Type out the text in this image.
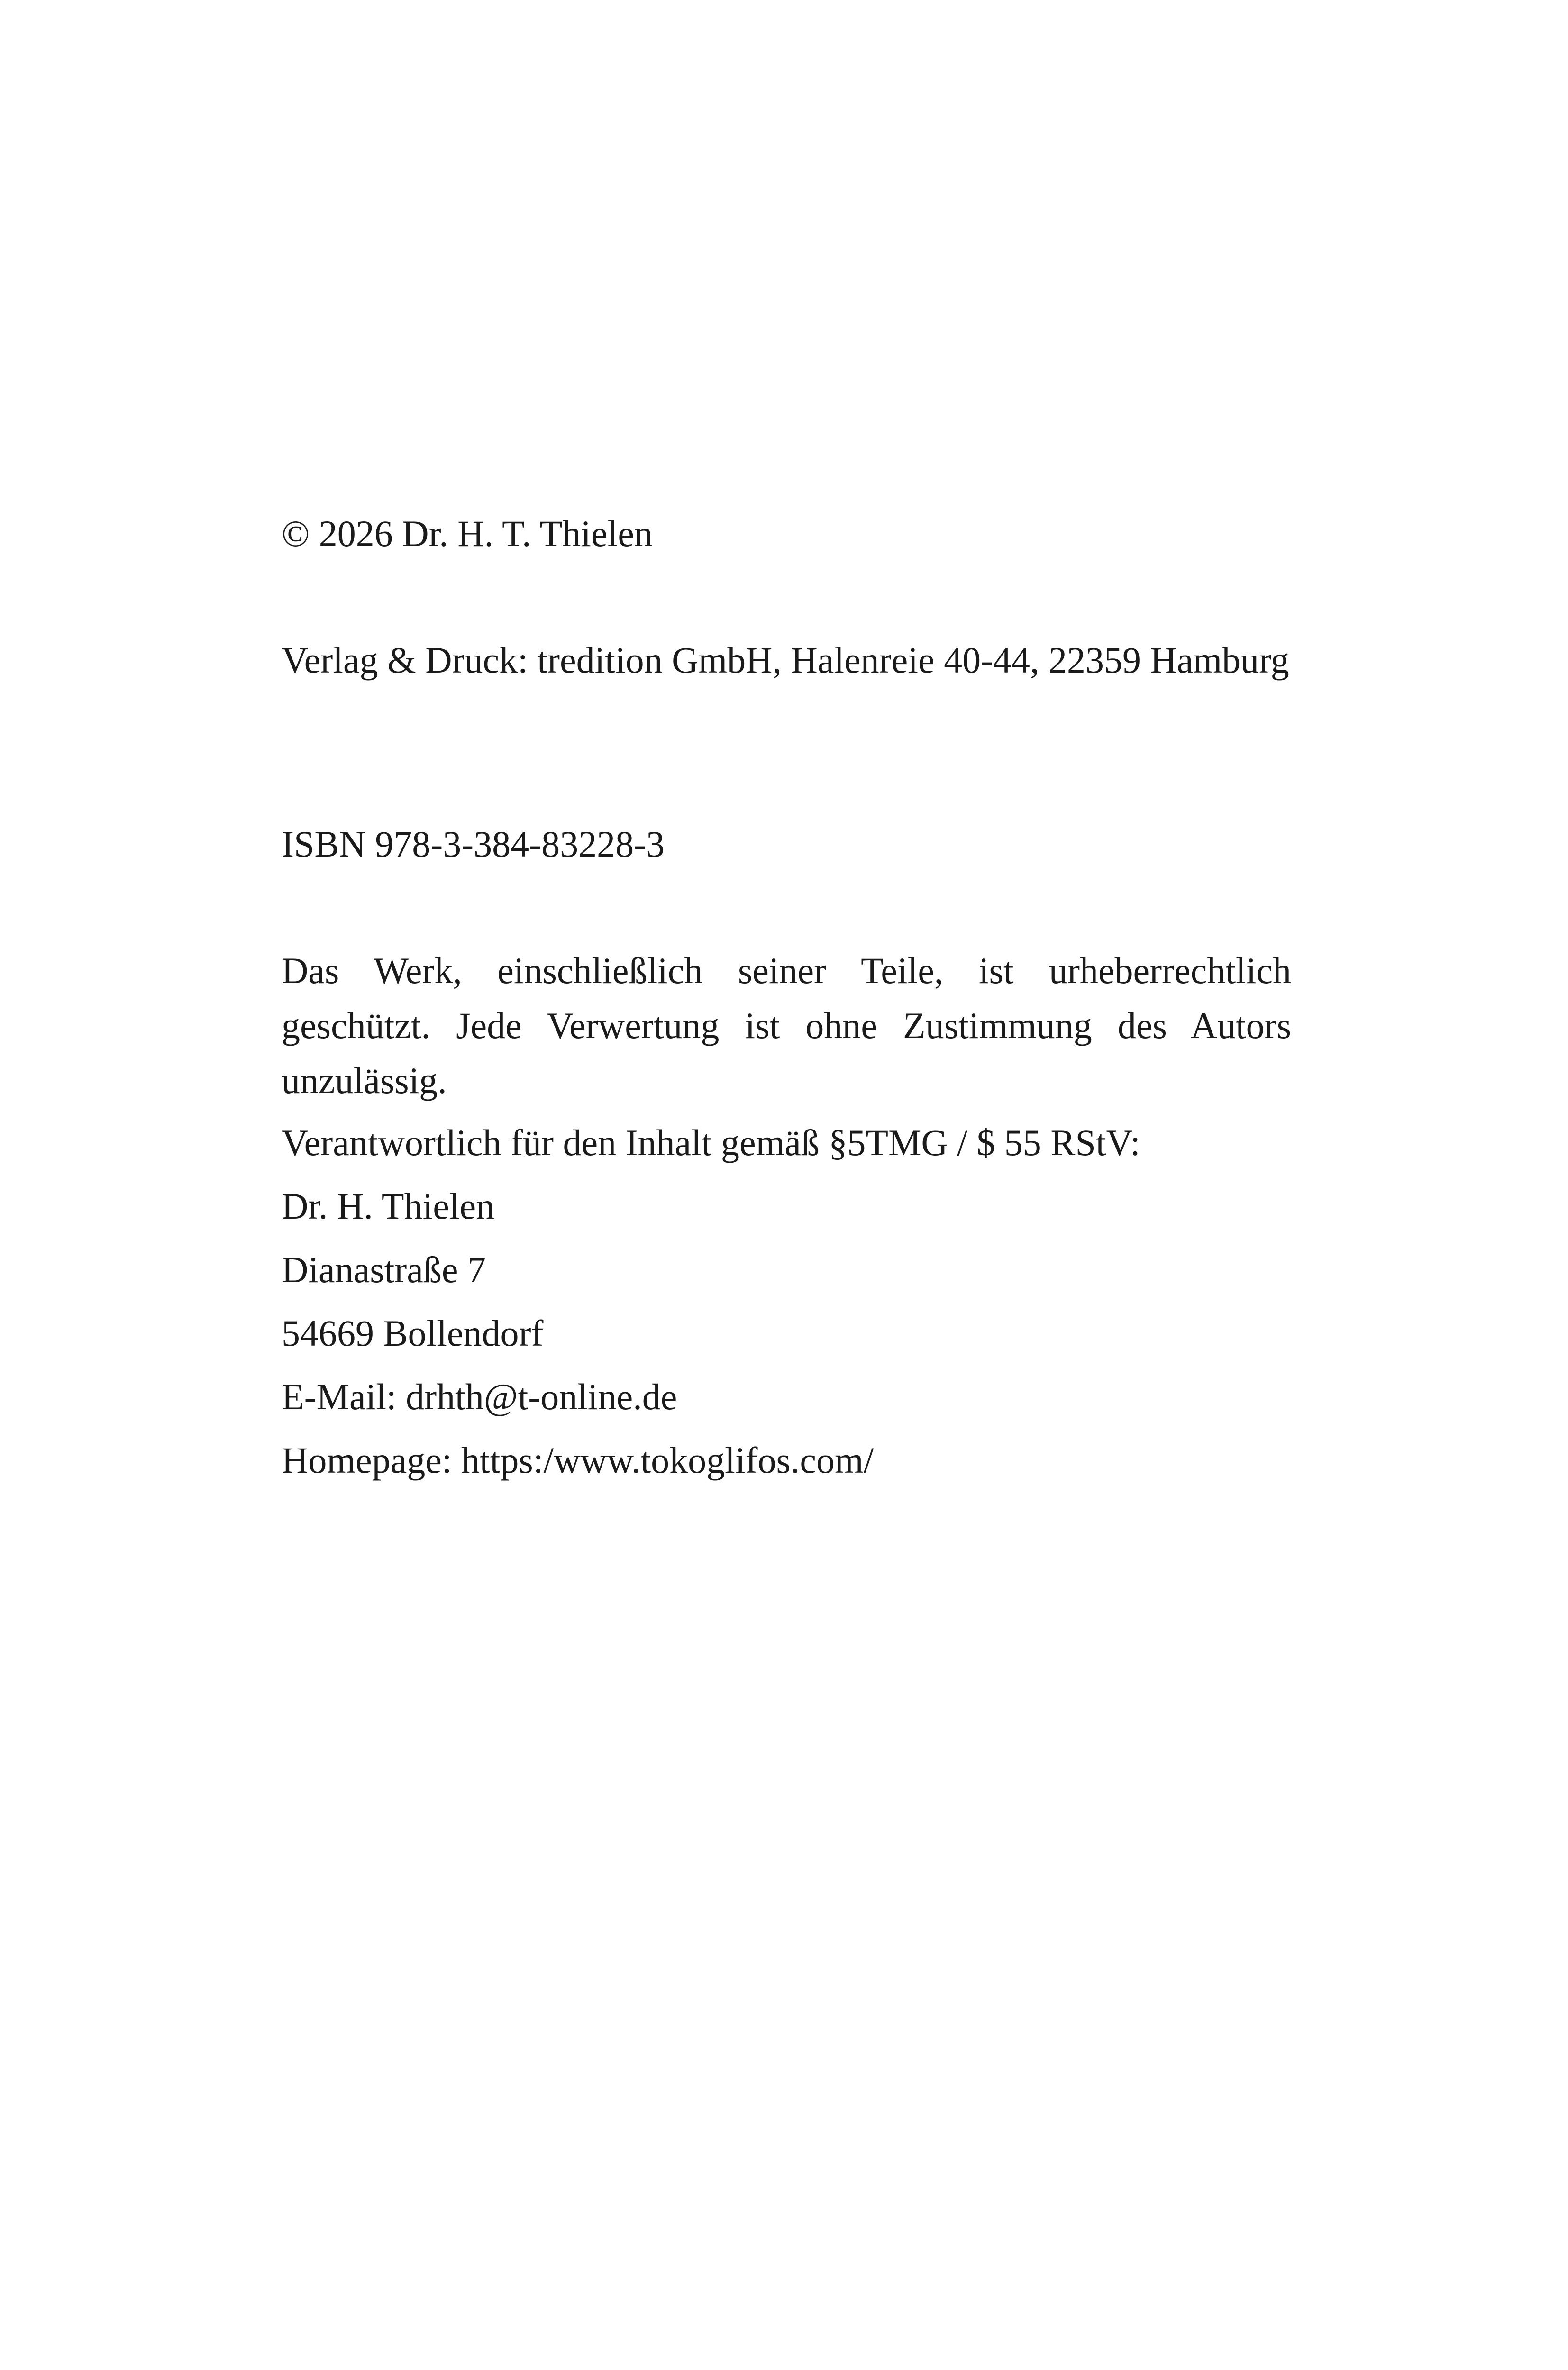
© 2026 Dr. H. T. Thielen
Verlag & Druck: tredition GmbH, Halenreie 40-44, 22359 Hamburg
ISBN 978-3-384-83228-3
Das Werk, einschließlich seiner Teile, ist urheberrechtlich geschützt. Jede Verwertung ist ohne Zustimmung des Autors unzulässig.
Verantwortlich für den Inhalt gemäß §5TMG / $ 55 RStV:
Dr. H. Thielen
Dianastraße 7
54669 Bollendorf
E-Mail: drhth@t-online.de
Homepage: https:/www.tokoglifos.com/
